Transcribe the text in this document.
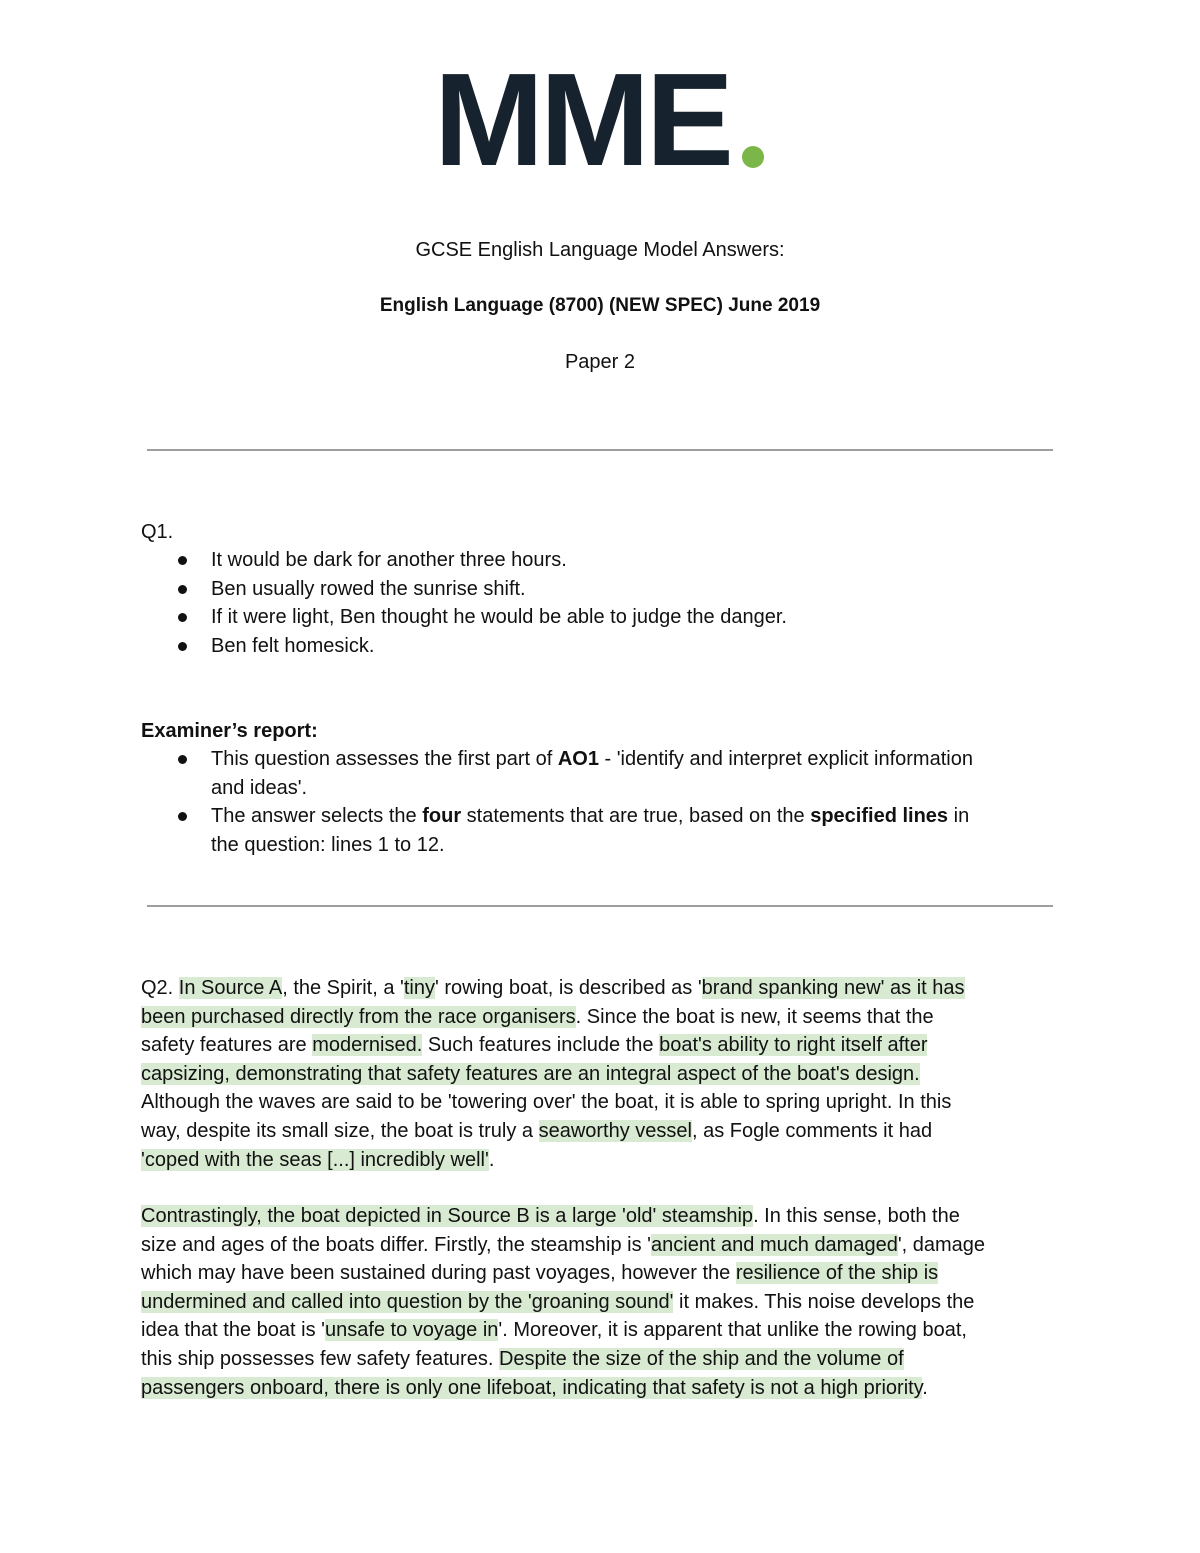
MME
GCSE English Language Model Answers:
English Language (8700) (NEW SPEC) June 2019
Paper 2
Q1.
It would be dark for another three hours.
Ben usually rowed the sunrise shift.
If it were light, Ben thought he would be able to judge the danger.
Ben felt homesick.
Examiner’s report:
This question assesses the first part of AO1 - 'identify and interpret explicit information
and ideas'.
The answer selects the four statements that are true, based on the specified lines in
the question: lines 1 to 12.
Q2. In Source A, the Spirit, a 'tiny' rowing boat, is described as 'brand spanking new' as it has
been purchased directly from the race organisers. Since the boat is new, it seems that the
safety features are modernised. Such features include the boat's ability to right itself after
capsizing, demonstrating that safety features are an integral aspect of the boat's design.
Although the waves are said to be 'towering over' the boat, it is able to spring upright. In this
way, despite its small size, the boat is truly a seaworthy vessel, as Fogle comments it had
'coped with the seas [...] incredibly well'.
Contrastingly, the boat depicted in Source B is a large 'old' steamship. In this sense, both the
size and ages of the boats differ. Firstly, the steamship is 'ancient and much damaged', damage
which may have been sustained during past voyages, however the resilience of the ship is
undermined and called into question by the 'groaning sound' it makes. This noise develops the
idea that the boat is 'unsafe to voyage in'. Moreover, it is apparent that unlike the rowing boat,
this ship possesses few safety features. Despite the size of the ship and the volume of
passengers onboard, there is only one lifeboat, indicating that safety is not a high priority.
